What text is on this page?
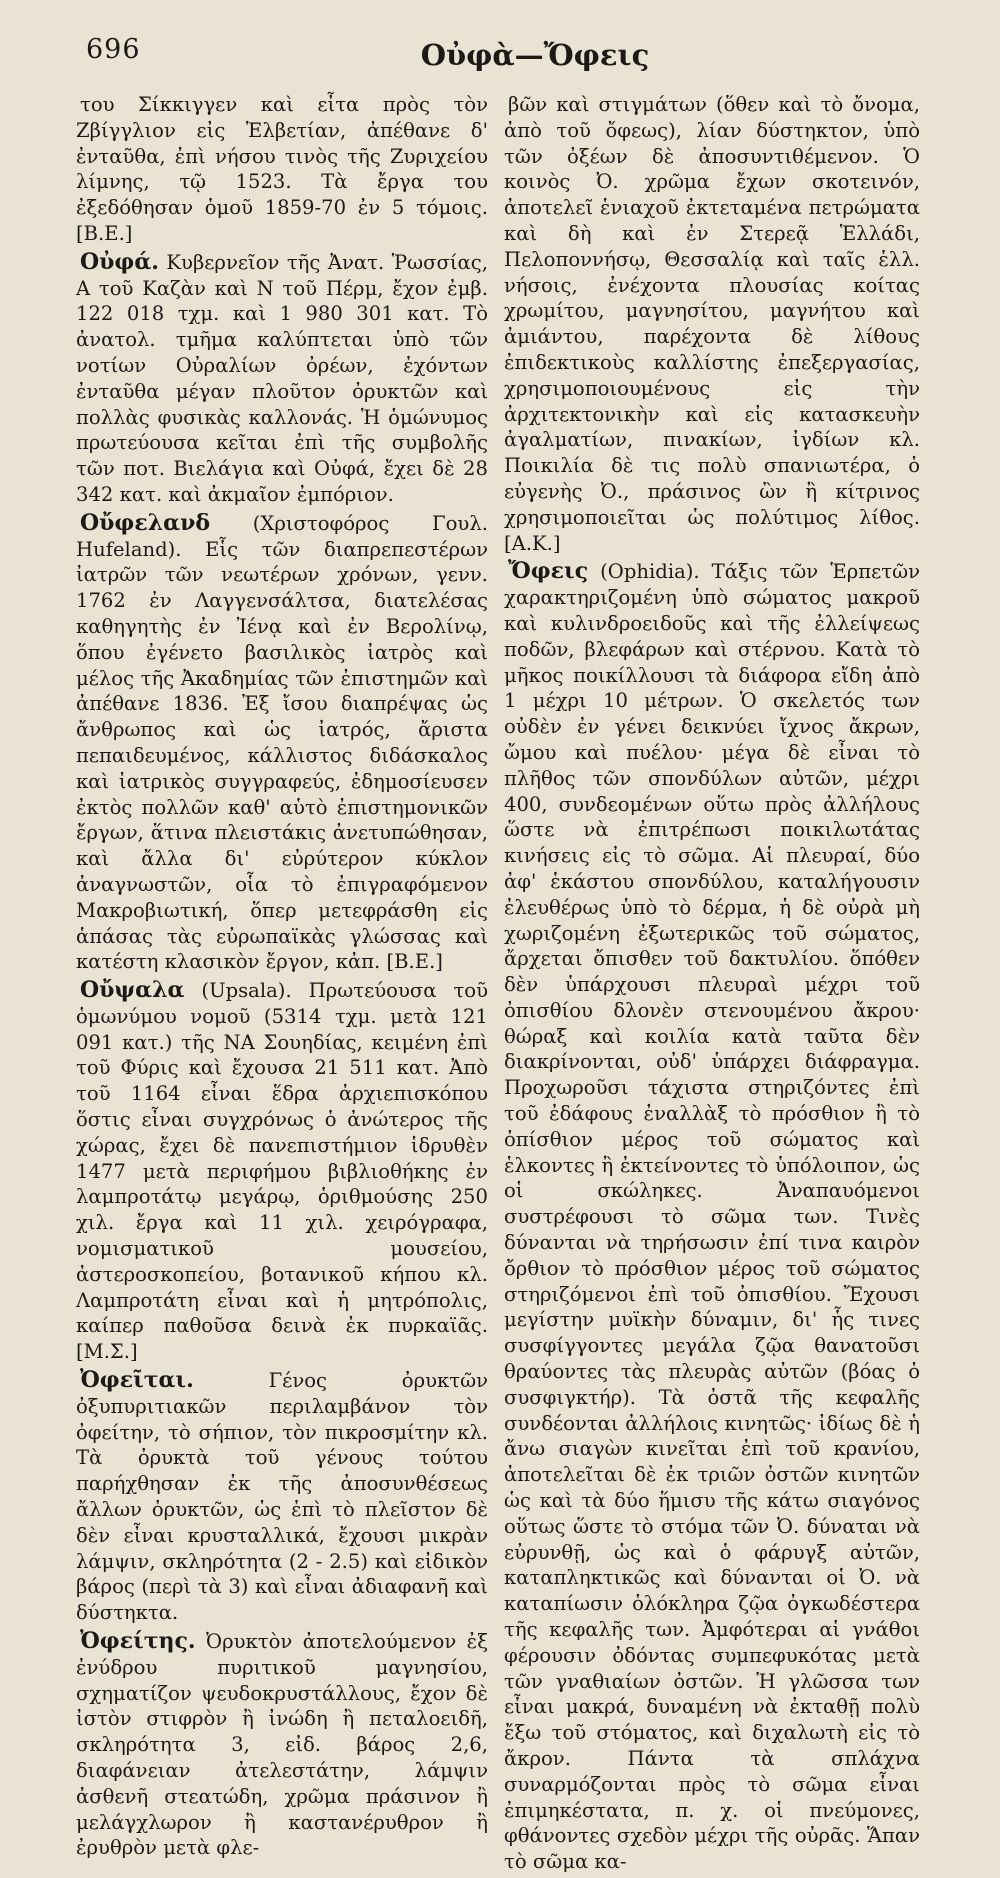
696	Οὐφὰ—Ὄφεις

του Σίκκιγγεν καὶ εἶτα πρὸς τὸν Ζβίγγλιον εἰς Ἑλβετίαν, ἀπέθανε δ' ἐνταῦθα, ἐπὶ νήσου τινὸς τῆς Ζυριχείου λίμνης, τῷ 1523. Τὰ ἔργα του ἐξεδόθησαν ὁμοῦ 1859-70 ἐν 5 τόμοις. [Β.Ε.]

Οὐφά. Κυβερνεῖον τῆς Ἀνατ. Ῥωσσίας, Α τοῦ Καζὰν καὶ Ν τοῦ Πέρμ, ἔχον ἐμβ. 122 018 τχμ. καὶ 1 980 301 κατ. Τὸ ἀνατολ. τμῆμα καλύπτεται ὑπὸ τῶν νοτίων Οὐραλίων ὀρέων, ἐχόντων ἐνταῦθα μέγαν πλοῦτον ὀρυκτῶν καὶ πολλὰς φυσικὰς καλλονάς. Ἡ ὁμώνυμος πρωτεύουσα κεῖται ἐπὶ τῆς συμβολῆς τῶν ποτ. Βιελάγια καὶ Οὐφά, ἔχει δὲ 28 342 κατ. καὶ ἀκμαῖον ἐμπόριον.

Οὔφελανδ (Χριστοφόρος Γουλ. Hufeland). Εἷς τῶν διαπρεπεστέρων ἰατρῶν τῶν νεωτέρων χρόνων, γενν. 1762 ἐν Λαγγενσάλτσα, διατελέσας καθηγητὴς ἐν Ἰένᾳ καὶ ἐν Βερολίνῳ, ὅπου ἐγένετο βασιλικὸς ἰατρὸς καὶ μέλος τῆς Ἀκαδημίας τῶν ἐπιστημῶν καὶ ἀπέθανε 1836. Ἐξ ἴσου διαπρέψας ὡς ἄνθρωπος καὶ ὡς ἰατρός, ἄριστα πεπαιδευμένος, κάλλιστος διδάσκαλος καὶ ἰατρικὸς συγγραφεύς, ἐδημοσίευσεν ἐκτὸς πολλῶν καθ' αὑτὸ ἐπιστημονικῶν ἔργων, ἅτινα πλειστάκις ἀνετυπώθησαν, καὶ ἄλλα δι' εὐρύτερον κύκλον ἀναγνωστῶν, οἷα τὸ ἐπιγραφόμενον Μακροβιωτική, ὅπερ μετεφράσθη εἰς ἁπάσας τὰς εὐρωπαϊκὰς γλώσσας καὶ κατέστη κλασικὸν ἔργον, κἀπ. [Β.Ε.]

Οὔψαλα (Upsala). Πρωτεύουσα τοῦ ὁμωνύμου νομοῦ (5314 τχμ. μετὰ 121 091 κατ.) τῆς ΝΑ Σουηδίας, κειμένη ἐπὶ τοῦ Φύρις καὶ ἔχουσα 21 511 κατ. Ἀπὸ τοῦ 1164 εἶναι ἕδρα ἀρχιεπισκόπου ὅστις εἶναι συγχρόνως ὁ ἀνώτερος τῆς χώρας, ἔχει δὲ πανεπιστήμιον ἱδρυθὲν 1477 μετὰ περιφήμου βιβλιοθήκης ἐν λαμπροτάτῳ μεγάρῳ, ὁριθμούσης 250 χιλ. ἔργα καὶ 11 χιλ. χειρόγραφα, νομισματικοῦ μουσείου, ἀστεροσκοπείου, βοτανικοῦ κήπου κλ. Λαμπροτάτη εἶναι καὶ ἡ μητρόπολις, καίπερ παθοῦσα δεινὰ ἐκ πυρκαϊᾶς. [Μ.Σ.]

Ὀφεῖται. Γένος ὀρυκτῶν ὀξυπυριτιακῶν περιλαμβάνον τὸν ὀφείτην, τὸ σήπιον, τὸν πικροσμίτην κλ. Τὰ ὀρυκτὰ τοῦ γένους τούτου παρήχθησαν ἐκ τῆς ἀποσυνθέσεως ἄλλων ὀρυκτῶν, ὡς ἐπὶ τὸ πλεῖστον δὲ δὲν εἶναι κρυσταλλικά, ἔχουσι μικρὰν λάμψιν, σκληρότητα (2 - 2.5) καὶ εἰδικὸν βάρος (περὶ τὰ 3) καὶ εἶναι ἀδιαφανῆ καὶ δύστηκτα.

Ὀφείτης. Ὀρυκτὸν ἀποτελούμενον ἐξ ἐνύδρου πυριτικοῦ μαγνησίου, σχηματίζον ψευδοκρυστάλλους, ἔχον δὲ ἰστὸν στιφρὸν ἢ ἰνώδη ἢ πεταλοειδῆ, σκληρότητα 3, εἰδ. βάρος 2,6, διαφάνειαν ἀτελεστάτην, λάμψιν ἀσθενῆ στεατώδη, χρῶμα πράσινον ἢ μελάγχλωρον ἢ καστανέρυθρον ἢ ἐρυθρὸν μετὰ φλε-

βῶν καὶ στιγμάτων (ὅθεν καὶ τὸ ὄνομα, ἀπὸ τοῦ ὄφεως), λίαν δύστηκτον, ὑπὸ τῶν ὀξέων δὲ ἀποσυντιθέμενον. Ὁ κοινὸς Ὀ. χρῶμα ἔχων σκοτεινόν, ἀποτελεῖ ἑνιαχοῦ ἐκτεταμένα πετρώματα καὶ δὴ καὶ ἐν Στερεᾷ Ἑλλάδι, Πελοποννήσῳ, Θεσσαλίᾳ καὶ ταῖς ἑλλ. νήσοις, ἐνέχοντα πλουσίας κοίτας χρωμίτου, μαγνησίτου, μαγνήτου καὶ ἀμιάντου, παρέχοντα δὲ λίθους ἐπιδεκτικοὺς καλλίστης ἐπεξεργασίας, χρησιμοποιουμένους εἰς τὴν ἀρχιτεκτονικὴν καὶ εἰς κατασκευὴν ἀγαλματίων, πινακίων, ἰγδίων κλ. Ποικιλία δὲ τις πολὺ σπανιωτέρα, ὁ εὐγενὴς Ὀ., πράσινος ὢν ἢ κίτρινος χρησιμοποιεῖται ὡς πολύτιμος λίθος. [Α.Κ.]

Ὄφεις (Ophidia). Τάξις τῶν Ἑρπετῶν χαρακτηριζομένη ὑπὸ σώματος μακροῦ καὶ κυλινδροειδοῦς καὶ τῆς ἐλλείψεως ποδῶν, βλεφάρων καὶ στέρνου. Κατὰ τὸ μῆκος ποικίλλουσι τὰ διάφορα εἴδη ἀπὸ 1 μέχρι 10 μέτρων. Ὁ σκελετός των οὐδὲν ἐν γένει δεικνύει ἴχνος ἄκρων, ὤμου καὶ πυέλου· μέγα δὲ εἶναι τὸ πλῆθος τῶν σπονδύλων αὐτῶν, μέχρι 400, συνδεομένων οὕτω πρὸς ἀλλήλους ὥστε νὰ ἐπιτρέπωσι ποικιλωτάτας κινήσεις εἰς τὸ σῶμα. Αἱ πλευραί, δύο ἀφ' ἑκάστου σπονδύλου, καταλήγουσιν ἐλευθέρως ὑπὸ τὸ δέρμα, ἡ δὲ οὐρὰ μὴ χωριζομένη ἐξωτερικῶς τοῦ σώματος, ἄρχεται ὄπισθεν τοῦ δακτυλίου. ὅπόθεν δὲν ὑπάρχουσι πλευραὶ μέχρι τοῦ ὀπισθίου δλονὲν στενουμένου ἄκρου· θώραξ καὶ κοιλία κατὰ ταῦτα δὲν διακρίνονται, οὐδ' ὑπάρχει διάφραγμα. Προχωροῦσι τάχιστα στηριζόντες ἐπὶ τοῦ ἐδάφους ἐναλλὰξ τὸ πρόσθιον ἢ τὸ ὀπίσθιον μέρος τοῦ σώματος καὶ ἑλκοντες ἢ ἐκτείνοντες τὸ ὑπόλοιπον, ὡς οἱ σκώληκες. Ἀναπαυόμενοι συστρέφουσι τὸ σῶμα των. Τινὲς δύνανται νὰ τηρήσωσιν ἐπί τινα καιρὸν ὄρθιον τὸ πρόσθιον μέρος τοῦ σώματος στηριζόμενοι ἐπὶ τοῦ ὀπισθίου. Ἔχουσι μεγίστην μυϊκὴν δύναμιν, δι' ἧς τινες συσφίγγοντες μεγάλα ζῷα θανατοῦσι θραύοντες τὰς πλευρὰς αὐτῶν (βόας ὁ συσφιγκτήρ). Τὰ ὀστᾶ τῆς κεφαλῆς συνδέονται ἀλλήλοις κινητῶς· ἰδίως δὲ ἡ ἄνω σιαγὼν κινεῖται ἐπὶ τοῦ κρανίου, ἀποτελεῖται δὲ ἐκ τριῶν ὀστῶν κινητῶν ὡς καὶ τὰ δύο ἥμισυ τῆς κάτω σιαγόνος οὕτως ὥστε τὸ στόμα τῶν Ὀ. δύναται νὰ εὐρυνθῇ, ὡς καὶ ὁ φάρυγξ αὐτῶν, καταπληκτικῶς καὶ δύνανται οἱ Ὀ. νὰ καταπίωσιν ὁλόκληρα ζῷα ὀγκωδέστερα τῆς κεφαλῆς των. Ἀμφότεραι αἱ γνάθοι φέρουσιν ὀδόντας συμπεφυκότας μετὰ τῶν γναθιαίων ὀστῶν. Ἡ γλῶσσα των εἶναι μακρά, δυναμένη νὰ ἐκταθῇ πολὺ ἔξω τοῦ στόματος, καὶ διχαλωτὴ εἰς τὸ ἄκρον. Πάντα τὰ σπλάχνα συναρμόζονται πρὸς τὸ σῶμα εἶναι ἐπιμηκέστατα, π. χ. οἱ πνεύμονες, φθάνοντες σχεδὸν μέχρι τῆς οὐρᾶς. Ἅπαν τὸ σῶμα κα-
